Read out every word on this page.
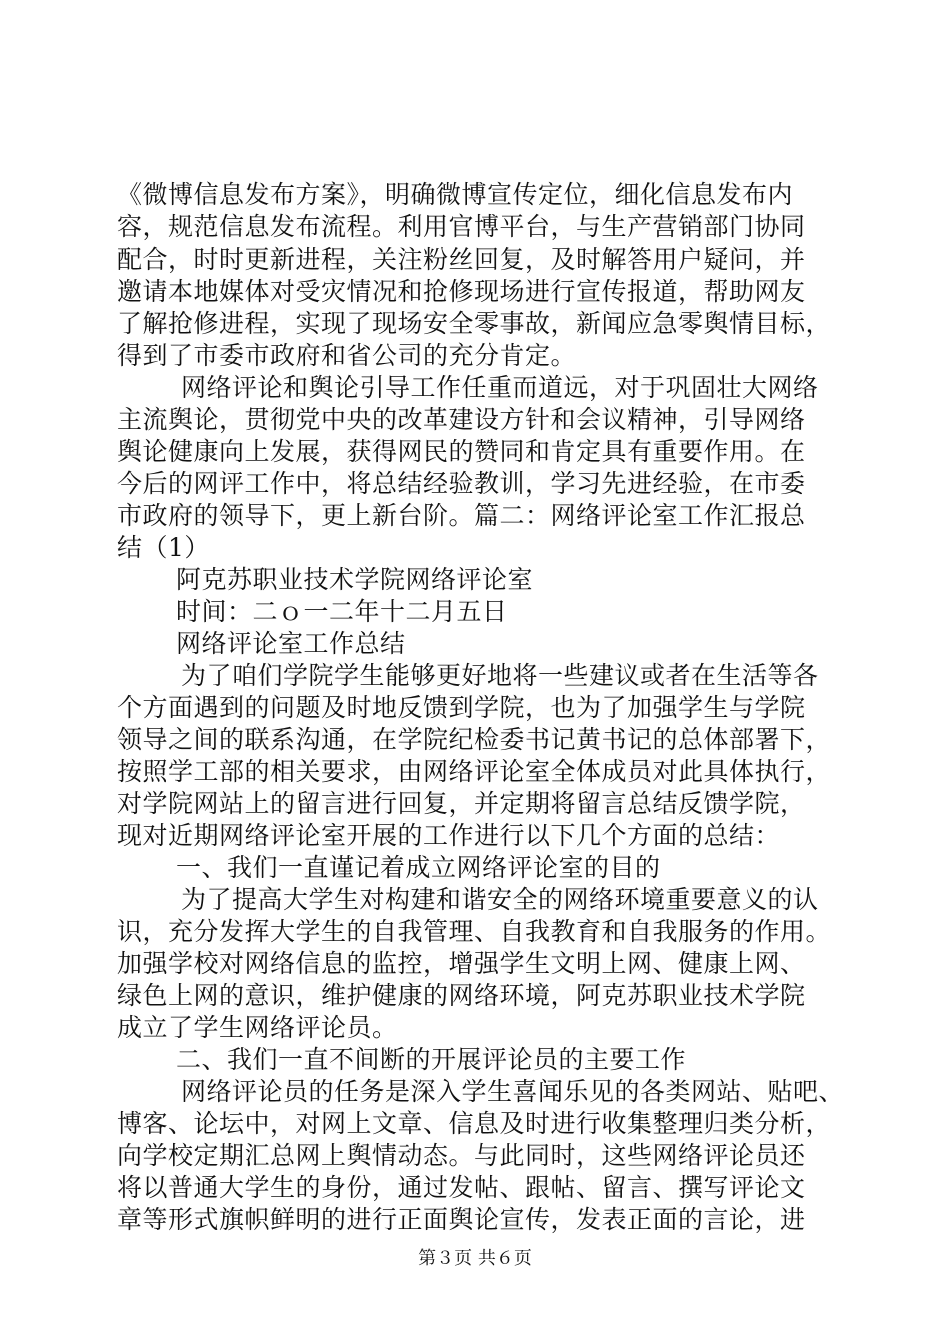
《微博信息发布方案》，明确微博宣传定位，细化信息发布内
容，规范信息发布流程。利用官博平台，与生产营销部门协同
配合，时时更新进程，关注粉丝回复，及时解答用户疑问，并
邀请本地媒体对受灾情况和抢修现场进行宣传报道，帮助网友
了解抢修进程，实现了现场安全零事故，新闻应急零舆情目标，
得到了市委市政府和省公司的充分肯定。
网络评论和舆论引导工作任重而道远，对于巩固壮大网络
主流舆论，贯彻党中央的改革建设方针和会议精神，引导网络
舆论健康向上发展，获得网民的赞同和肯定具有重要作用。在
今后的网评工作中，将总结经验教训，学习先进经验，在市委
市政府的领导下，更上新台阶。篇二：网络评论室工作汇报总
结（1）
阿克苏职业技术学院网络评论室
时间：二ｏ一二年十二月五日
网络评论室工作总结
为了咱们学院学生能够更好地将一些建议或者在生活等各
个方面遇到的问题及时地反馈到学院，也为了加强学生与学院
领导之间的联系沟通，在学院纪检委书记黄书记的总体部署下，
按照学工部的相关要求，由网络评论室全体成员对此具体执行，
对学院网站上的留言进行回复，并定期将留言总结反馈学院，
现对近期网络评论室开展的工作进行以下几个方面的总结：
一、我们一直谨记着成立网络评论室的目的
为了提高大学生对构建和谐安全的网络环境重要意义的认
识，充分发挥大学生的自我管理、自我教育和自我服务的作用。
加强学校对网络信息的监控，增强学生文明上网、健康上网、
绿色上网的意识，维护健康的网络环境，阿克苏职业技术学院
成立了学生网络评论员。
二、我们一直不间断的开展评论员的主要工作
网络评论员的任务是深入学生喜闻乐见的各类网站、贴吧、
博客、论坛中，对网上文章、信息及时进行收集整理归类分析，
向学校定期汇总网上舆情动态。与此同时，这些网络评论员还
将以普通大学生的身份，通过发帖、跟帖、留言、撰写评论文
章等形式旗帜鲜明的进行正面舆论宣传，发表正面的言论，进
第３页 共６页
